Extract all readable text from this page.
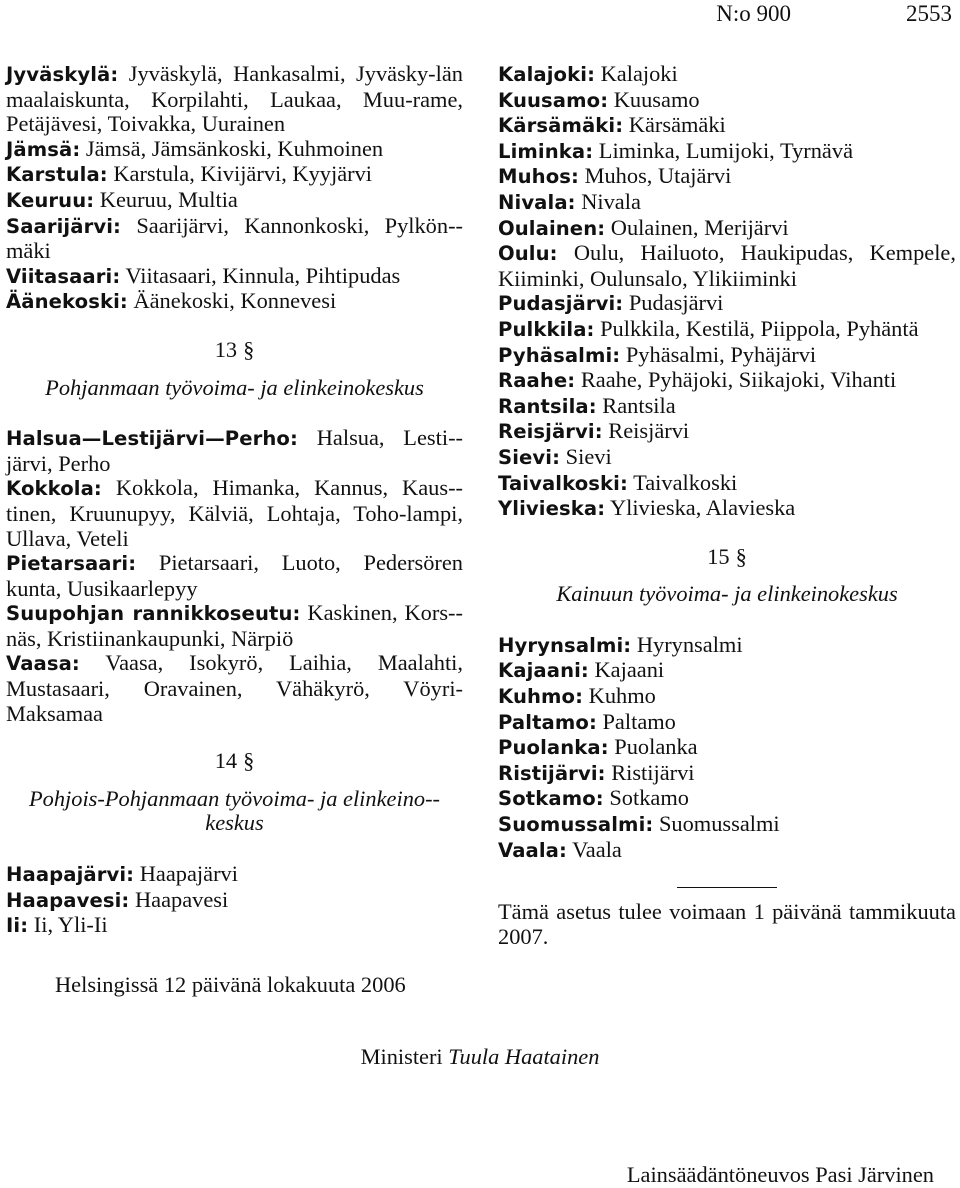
N:o 900	2553
Jyväskylä: Jyväskylä, Hankasalmi, Jyväsky-län maalaiskunta, Korpilahti, Laukaa, Muu-rame, Petäjävesi, Toivakka, Uurainen
Jämsä: Jämsä, Jämsänkoski, Kuhmoinen
Karstula: Karstula, Kivijärvi, Kyyjärvi
Keuruu: Keuruu, Multia
Saarijärvi: Saarijärvi, Kannonkoski, Pylkön-mäki
Viitasaari: Viitasaari, Kinnula, Pihtipudas
Äänekoski: Äänekoski, Konnevesi
13 §
Pohjanmaan työvoima- ja elinkeinokeskus
Halsua—Lestijärvi—Perho: Halsua, Lesti-järvi, Perho
Kokkola: Kokkola, Himanka, Kannus, Kaus-tinen, Kruunupyy, Kälviä, Lohtaja, Toho-lampi, Ullava, Veteli
Pietarsaari: Pietarsaari, Luoto, Pedersören kunta, Uusikaarlepyy
Suupohjan rannikkoseutu: Kaskinen, Kors-näs, Kristiinankaupunki, Närpiö
Vaasa: Vaasa, Isokyrö, Laihia, Maalahti, Mustasaari, Oravainen, Vähäkyrö, Vöyri-Maksamaa
14 §
Pohjois-Pohjanmaan työvoima- ja elinkeino-keskus
Haapajärvi: Haapajärvi
Haapavesi: Haapavesi
Ii: Ii, Yli-Ii
Kalajoki: Kalajoki
Kuusamo: Kuusamo
Kärsämäki: Kärsämäki
Liminka: Liminka, Lumijoki, Tyrnävä
Muhos: Muhos, Utajärvi
Nivala: Nivala
Oulainen: Oulainen, Merijärvi
Oulu: Oulu, Hailuoto, Haukipudas, Kempele, Kiiminki, Oulunsalo, Ylikiiminki
Pudasjärvi: Pudasjärvi
Pulkkila: Pulkkila, Kestilä, Piippola, Pyhäntä
Pyhäsalmi: Pyhäsalmi, Pyhäjärvi
Raahe: Raahe, Pyhäjoki, Siikajoki, Vihanti
Rantsila: Rantsila
Reisjärvi: Reisjärvi
Sievi: Sievi
Taivalkoski: Taivalkoski
Ylivieska: Ylivieska, Alavieska
15 §
Kainuun työvoima- ja elinkeinokeskus
Hyrynsalmi: Hyrynsalmi
Kajaani: Kajaani
Kuhmo: Kuhmo
Paltamo: Paltamo
Puolanka: Puolanka
Ristijärvi: Ristijärvi
Sotkamo: Sotkamo
Suomussalmi: Suomussalmi
Vaala: Vaala
Tämä asetus tulee voimaan 1 päivänä tammikuuta 2007.
Helsingissä 12 päivänä lokakuuta 2006
Ministeri Tuula Haatainen
Lainsäädäntöneuvos Pasi Järvinen
